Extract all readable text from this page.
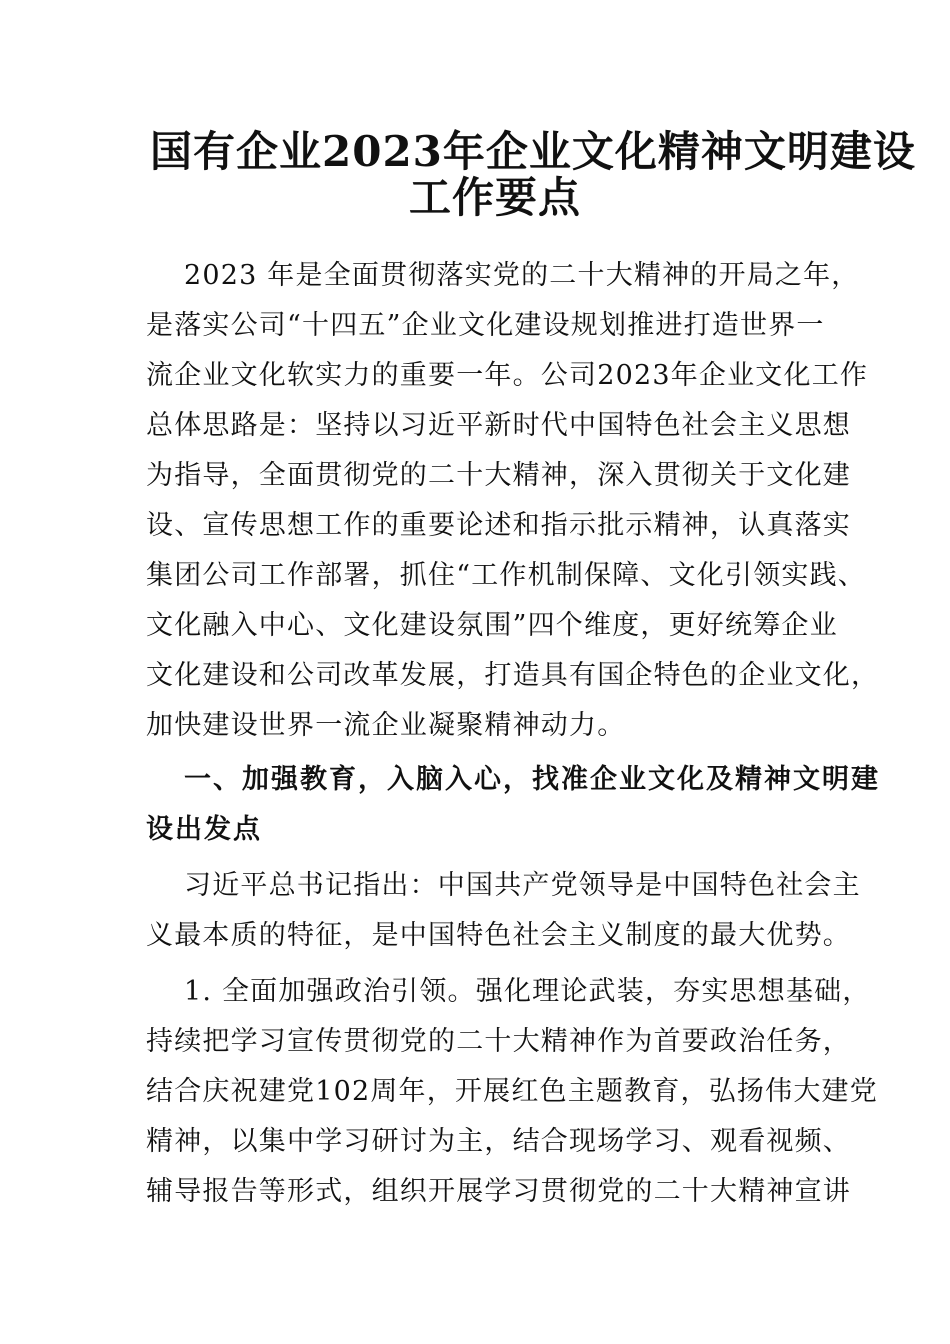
国有企业2023年企业文化精神文明建设
工作要点
2023 年是全面贯彻落实党的二十大精神的开局之年，
是落实公司“十四五”企业文化建设规划推进打造世界一
流企业文化软实力的重要一年。公司2023年企业文化工作
总体思路是：坚持以习近平新时代中国特色社会主义思想
为指导，全面贯彻党的二十大精神，深入贯彻关于文化建
设、宣传思想工作的重要论述和指示批示精神，认真落实
集团公司工作部署，抓住“工作机制保障、文化引领实践、
文化融入中心、文化建设氛围”四个维度，更好统筹企业
文化建设和公司改革发展，打造具有国企特色的企业文化，
加快建设世界一流企业凝聚精神动力。
一、加强教育，入脑入心，找准企业文化及精神文明建
设出发点
习近平总书记指出：中国共产党领导是中国特色社会主
义最本质的特征，是中国特色社会主义制度的最大优势。
1. 全面加强政治引领。强化理论武装，夯实思想基础，
持续把学习宣传贯彻党的二十大精神作为首要政治任务，
结合庆祝建党102周年，开展红色主题教育，弘扬伟大建党
精神，以集中学习研讨为主，结合现场学习、观看视频、
辅导报告等形式，组织开展学习贯彻党的二十大精神宣讲
